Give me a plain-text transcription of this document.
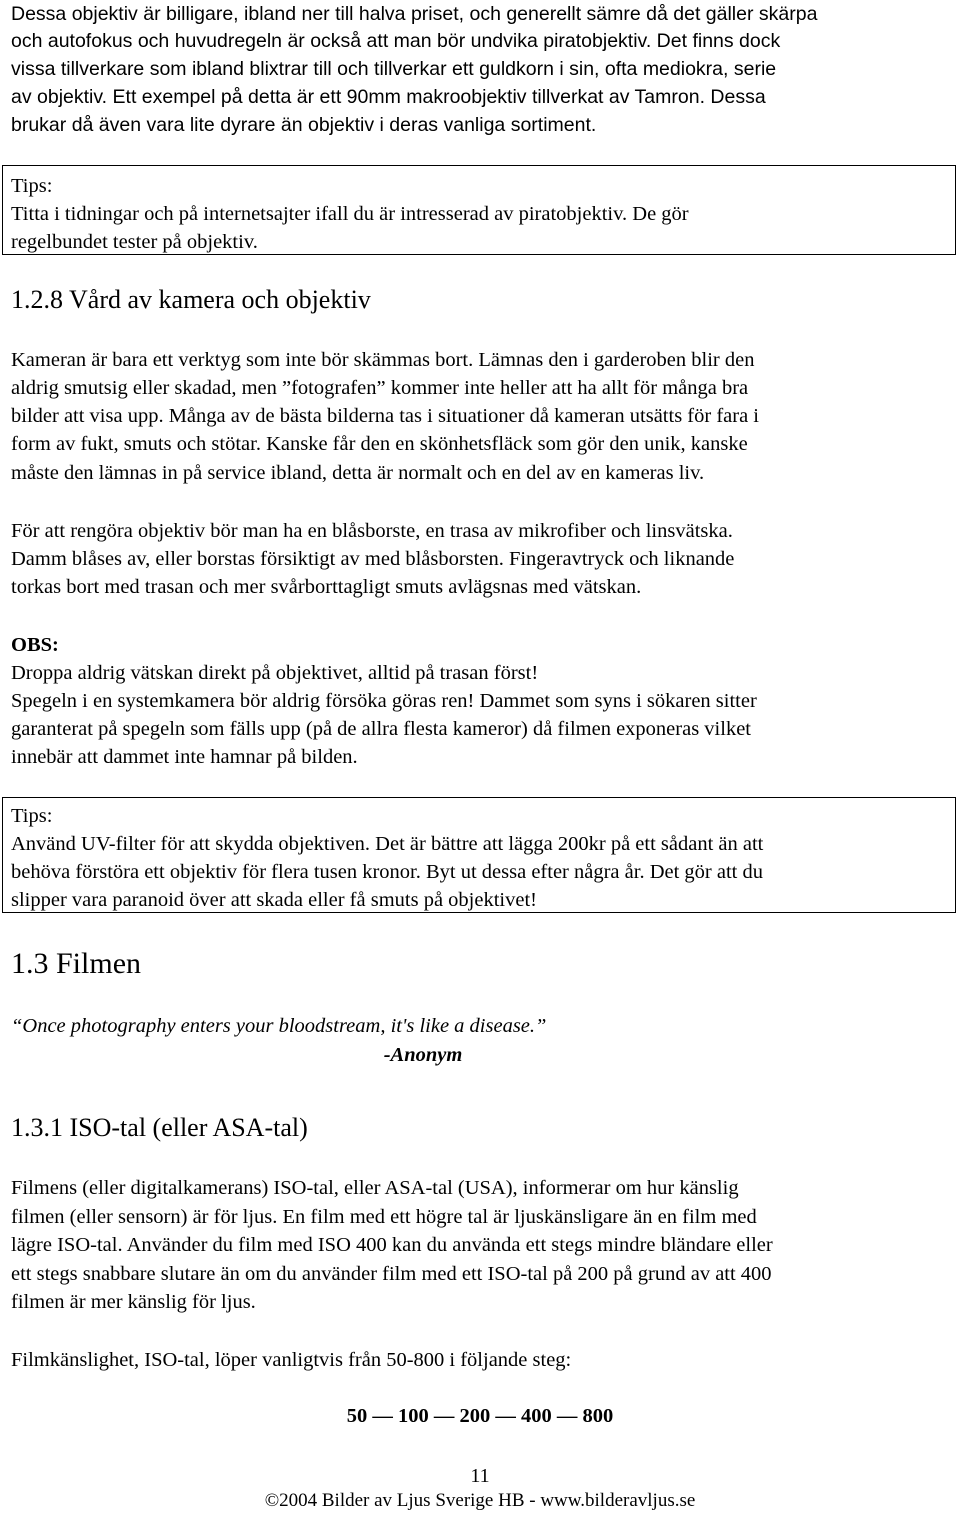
Dessa objektiv är billigare, ibland ner till halva priset, och generellt sämre då det gäller skärpa
och autofokus och huvudregeln är också att man bör undvika piratobjektiv. Det finns dock
vissa tillverkare som ibland blixtrar till och tillverkar ett guldkorn i sin, ofta mediokra, serie
av objektiv. Ett exempel på detta är ett 90mm makroobjektiv tillverkat av Tamron. Dessa
brukar då även vara lite dyrare än objektiv i deras vanliga sortiment.
Tips:
Titta i tidningar och på internetsajter ifall du är intresserad av piratobjektiv. De gör
regelbundet tester på objektiv.
1.2.8 Vård av kamera och objektiv
Kameran är bara ett verktyg som inte bör skämmas bort. Lämnas den i garderoben blir den
aldrig smutsig eller skadad, men ”fotografen” kommer inte heller att ha allt för många bra
bilder att visa upp. Många av de bästa bilderna tas i situationer då kameran utsätts för fara i
form av fukt, smuts och stötar. Kanske får den en skönhetsfläck som gör den unik, kanske
måste den lämnas in på service ibland, detta är normalt och en del av en kameras liv.
För att rengöra objektiv bör man ha en blåsborste, en trasa av mikrofiber och linsvätska.
Damm blåses av, eller borstas försiktigt av med blåsborsten. Fingeravtryck och liknande
torkas bort med trasan och mer svårborttagligt smuts avlägsnas med vätskan.
OBS:
Droppa aldrig vätskan direkt på objektivet, alltid på trasan först!
Spegeln i en systemkamera bör aldrig försöka göras ren! Dammet som syns i sökaren sitter
garanterat på spegeln som fälls upp (på de allra flesta kameror) då filmen exponeras vilket
innebär att dammet inte hamnar på bilden.
Tips:
Använd UV-filter för att skydda objektiven. Det är bättre att lägga 200kr på ett sådant än att
behöva förstöra ett objektiv för flera tusen kronor. Byt ut dessa efter några år. Det gör att du
slipper vara paranoid över att skada eller få smuts på objektivet!
1.3 Filmen
“Once photography enters your bloodstream, it's like a disease.”
-Anonym
1.3.1 ISO-tal (eller ASA-tal)
Filmens (eller digitalkamerans) ISO-tal, eller ASA-tal (USA), informerar om hur känslig
filmen (eller sensorn) är för ljus. En film med ett högre tal är ljuskänsligare än en film med
lägre ISO-tal. Använder du film med ISO 400 kan du använda ett stegs mindre bländare eller
ett stegs snabbare slutare än om du använder film med ett ISO-tal på 200 på grund av att 400
filmen är mer känslig för ljus.
Filmkänslighet, ISO-tal, löper vanligtvis från 50-800 i följande steg:
50 — 100 — 200 — 400 — 800
11
©2004 Bilder av Ljus Sverige HB - www.bilderavljus.se
